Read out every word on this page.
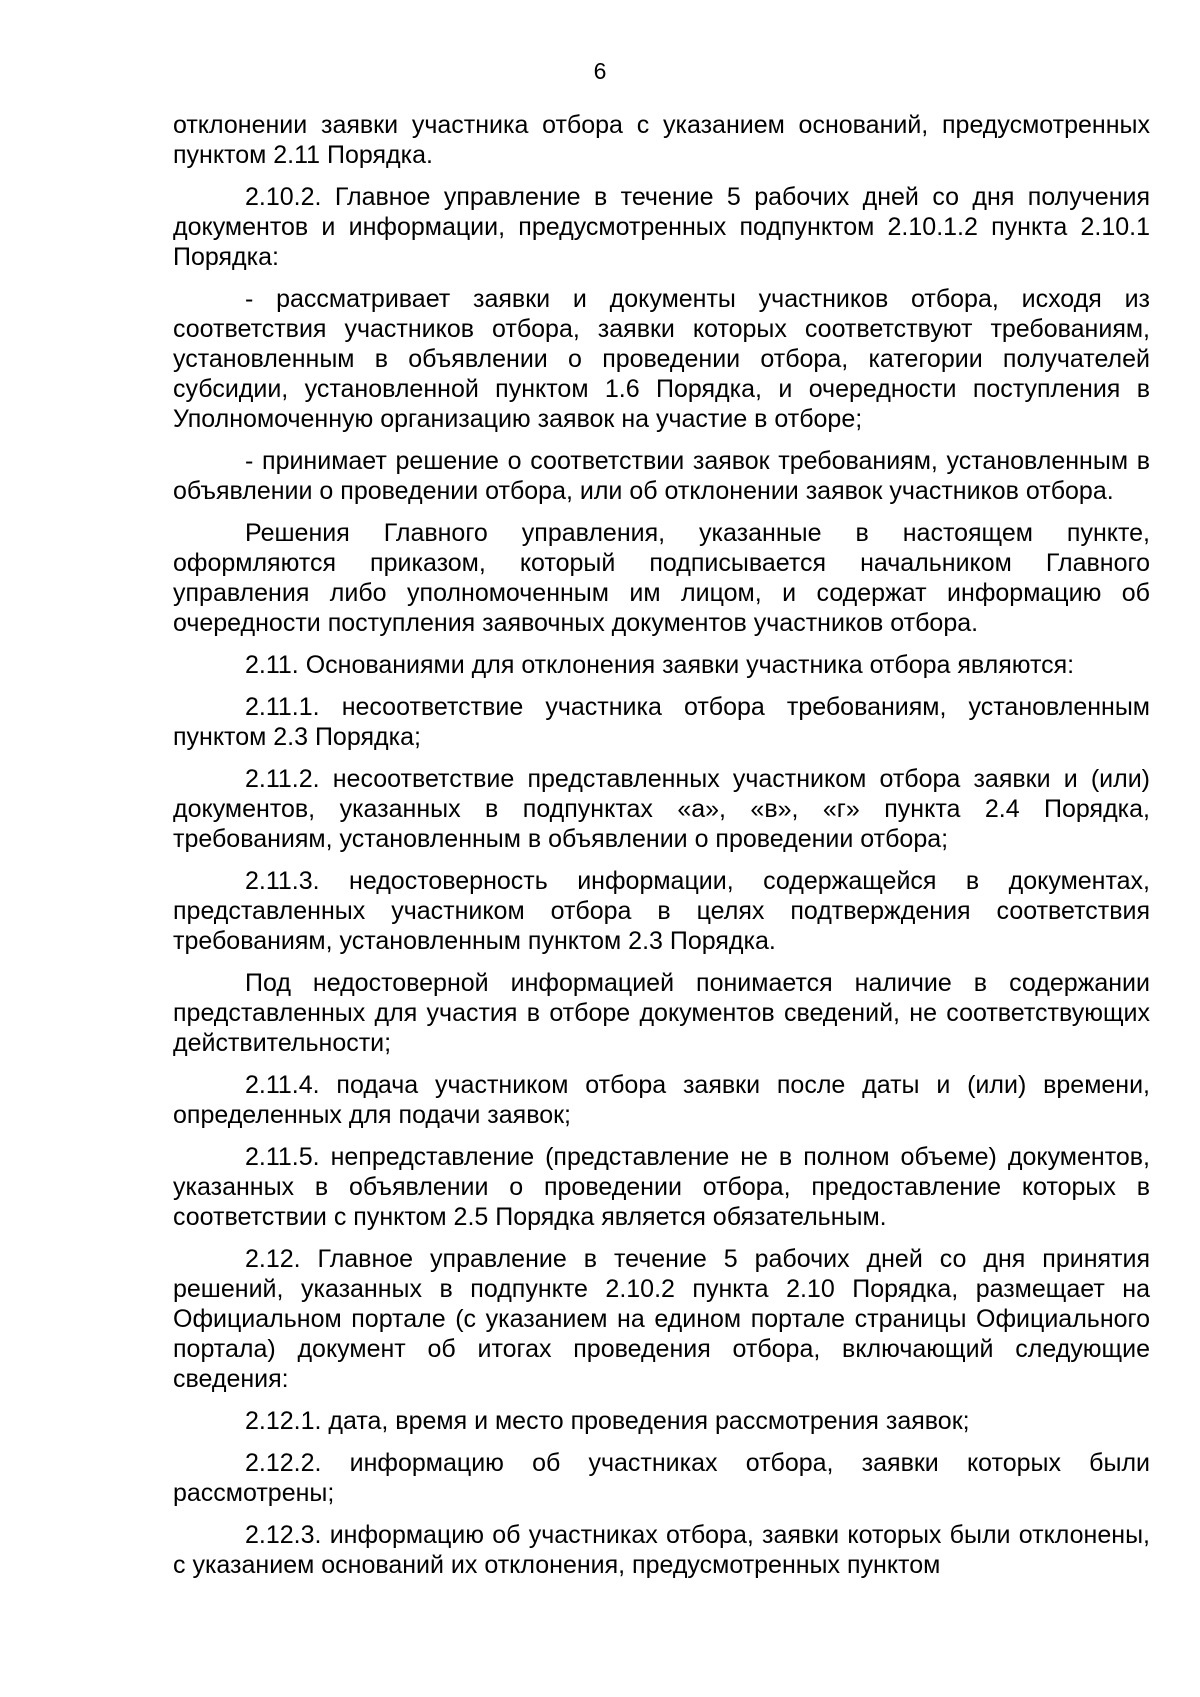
6

отклонении заявки участника отбора с указанием оснований, предусмотренных пунктом 2.11 Порядка.

2.10.2. Главное управление в течение 5 рабочих дней со дня получения документов и информации, предусмотренных подпунктом 2.10.1.2 пункта 2.10.1 Порядка:

- рассматривает заявки и документы участников отбора, исходя из соответствия участников отбора, заявки которых соответствуют требованиям, установленным в объявлении о проведении отбора, категории получателей субсидии, установленной пунктом 1.6 Порядка, и очередности поступления в Уполномоченную организацию заявок на участие в отборе;

- принимает решение о соответствии заявок требованиям, установленным в объявлении о проведении отбора, или об отклонении заявок участников отбора.

Решения Главного управления, указанные в настоящем пункте, оформляются приказом, который подписывается начальником Главного управления либо уполномоченным им лицом, и содержат информацию об очередности поступления заявочных документов участников отбора.

2.11. Основаниями для отклонения заявки участника отбора являются:

2.11.1. несоответствие участника отбора требованиям, установленным пунктом 2.3 Порядка;

2.11.2. несоответствие представленных участником отбора заявки и (или) документов, указанных в подпунктах «а», «в», «г» пункта 2.4 Порядка, требованиям, установленным в объявлении о проведении отбора;

2.11.3. недостоверность информации, содержащейся в документах, представленных участником отбора в целях подтверждения соответствия требованиям, установленным пунктом 2.3 Порядка.

Под недостоверной информацией понимается наличие в содержании представленных для участия в отборе документов сведений, не соответствующих действительности;

2.11.4. подача участником отбора заявки после даты и (или) времени, определенных для подачи заявок;

2.11.5. непредставление (представление не в полном объеме) документов, указанных в объявлении о проведении отбора, предоставление которых в соответствии с пунктом 2.5 Порядка является обязательным.

2.12. Главное управление в течение 5 рабочих дней со дня принятия решений, указанных в подпункте 2.10.2 пункта 2.10 Порядка, размещает на Официальном портале (с указанием на едином портале страницы Официального портала) документ об итогах проведения отбора, включающий следующие сведения:

2.12.1. дата, время и место проведения рассмотрения заявок;

2.12.2. информацию об участниках отбора, заявки которых были рассмотрены;

2.12.3. информацию об участниках отбора, заявки которых были отклонены, с указанием оснований их отклонения, предусмотренных пунктом
